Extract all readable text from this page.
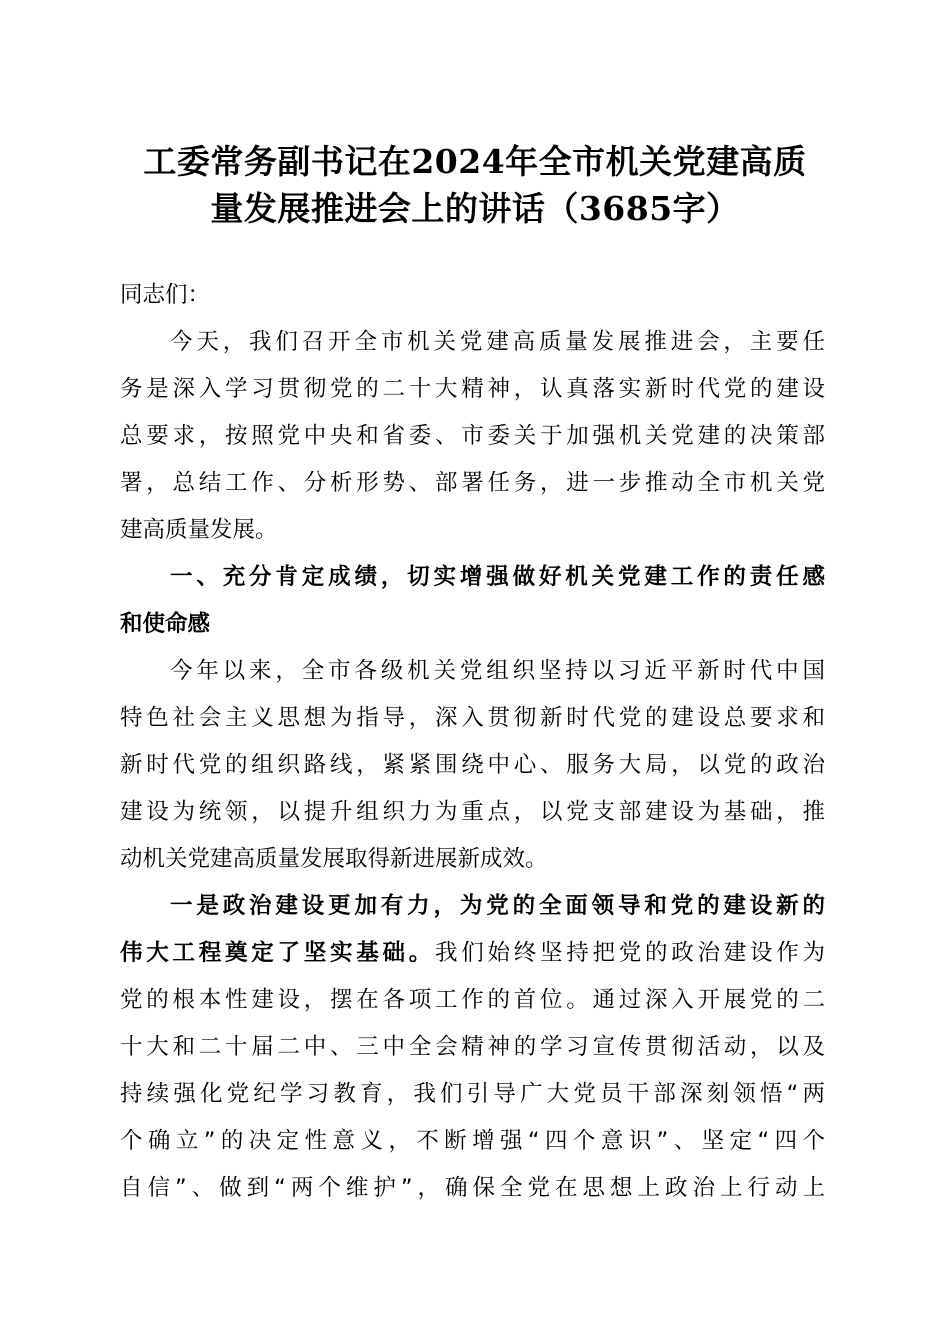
工委常务副书记在2024年全市机关党建高质
量发展推进会上的讲话（3685字）
同志们：
今天，我们召开全市机关党建高质量发展推进会，主要任
务是深入学习贯彻党的二十大精神，认真落实新时代党的建设
总要求，按照党中央和省委、市委关于加强机关党建的决策部
署，总结工作、分析形势、部署任务，进一步推动全市机关党
建高质量发展。
一、充分肯定成绩，切实增强做好机关党建工作的责任感
和使命感
今年以来，全市各级机关党组织坚持以习近平新时代中国
特色社会主义思想为指导，深入贯彻新时代党的建设总要求和
新时代党的组织路线，紧紧围绕中心、服务大局，以党的政治
建设为统领，以提升组织力为重点，以党支部建设为基础，推
动机关党建高质量发展取得新进展新成效。
一是政治建设更加有力，为党的全面领导和党的建设新的
伟大工程奠定了坚实基础。我们始终坚持把党的政治建设作为
党的根本性建设，摆在各项工作的首位。通过深入开展党的二
十大和二十届二中、三中全会精神的学习宣传贯彻活动，以及
持续强化党纪学习教育，我们引导广大党员干部深刻领悟“两
个确立”的决定性意义，不断增强“四个意识”、坚定“四个
自信”、做到“两个维护”，确保全党在思想上政治上行动上
